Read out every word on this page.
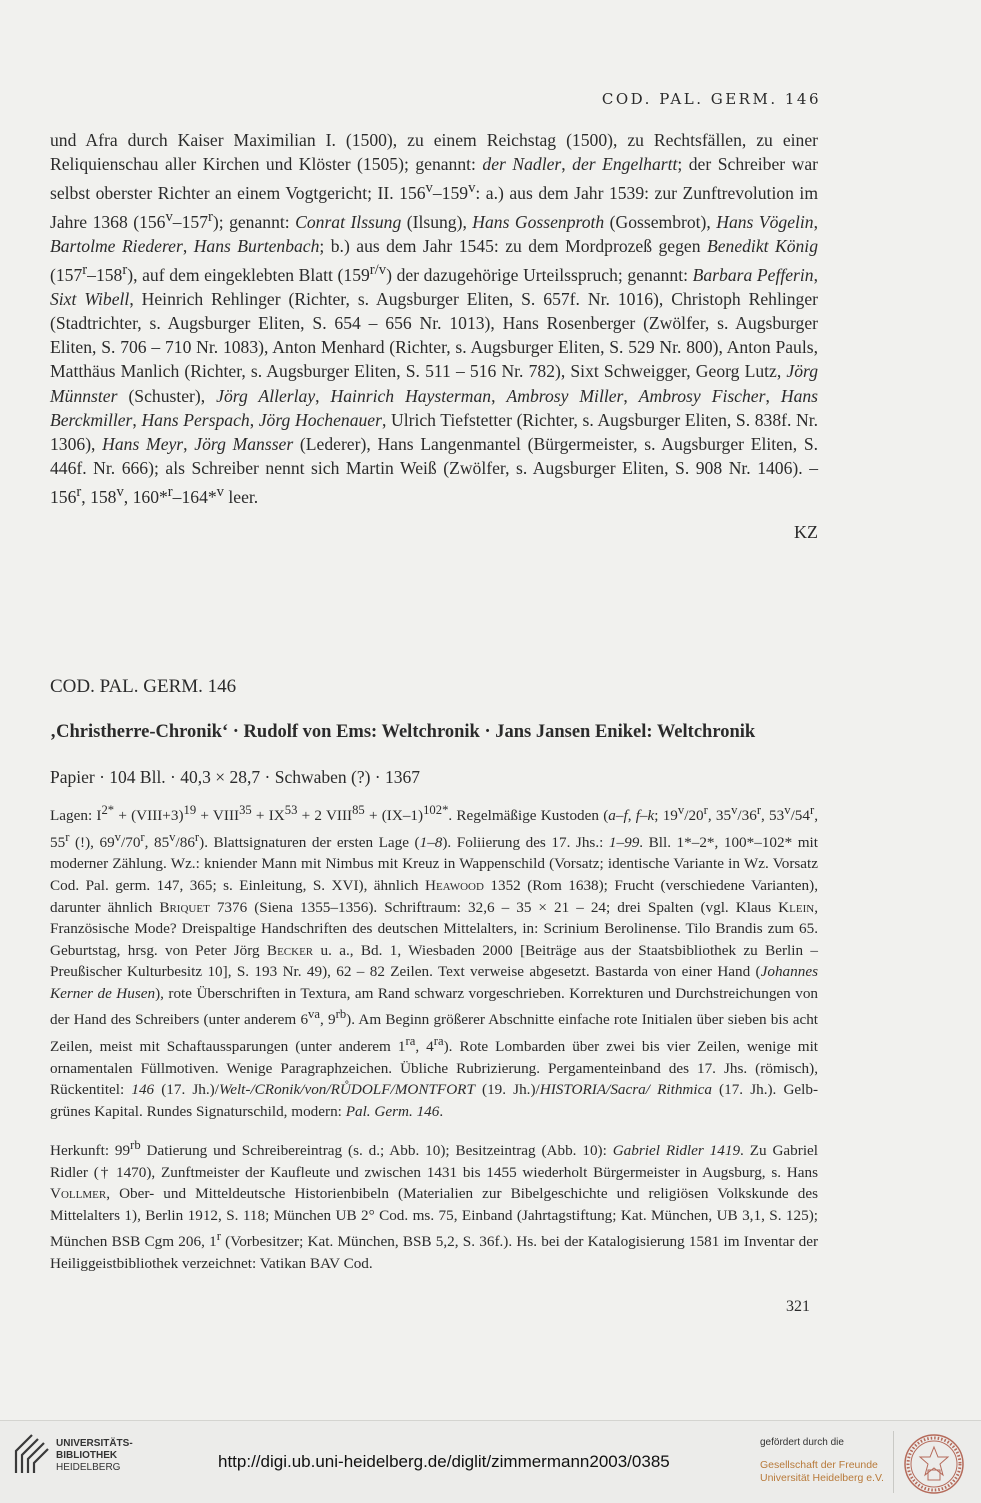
COD. PAL. GERM. 146

und Afra durch Kaiser Maximilian I. (1500), zu einem Reichstag (1500), zu Rechtsfällen, zu einer Reliquienschau aller Kirchen und Klöster (1505); genannt: der Nadler, der Engelhartt; der Schreiber war selbst oberster Richter an einem Vogtgericht; II. 156$^v$–159$^v$: a.) aus dem Jahr 1539: zur Zunftrevolution im Jahre 1368 (156$^v$–157$^r$); genannt: Conrat Ilssung (Ilsung), Hans Gossenproth (Gossembrot), Hans Vögelin, Bartolme Riederer, Hans Burtenbach; b.) aus dem Jahr 1545: zu dem Mordprozeß gegen Benedikt König (157$^r$–158$^r$), auf dem eingeklebten Blatt $(159^{r/v})$ der dazugehörige Urteilsspruch; genannt: Barbara Pefferin, Sixt Wibell, Heinrich Rehlinger (Richter, s. Augsburger Eliten, S. 657f. Nr. 1016), Christoph Rehlinger (Stadtrichter, s. Augsburger Eliten, S. 654 – 656 Nr. 1013), Hans Rosenberger (Zwölfer, s. Augsburger Eliten, S. 706 – 710 Nr. 1083), Anton Menhard (Richter, s. Augsburger Eliten, S. 529 Nr. 800), Anton Pauls, Matthäus Manlich (Richter, s. Augsburger Eliten, S. 511 – 516 Nr. 782), Sixt Schweigger, Georg Lutz, Jörg Münnster (Schuster), Jörg Allerlay, Hainrich Haysterman, Ambrosy Miller, Ambrosy Fischer, Hans Berckmiller, Hans Perspach, Jörg Hochenauer, Ulrich Tiefstetter (Richter, s. Augsburger Eliten, S. 838f. Nr. 1306), Hans Meyr, Jörg Mansser (Lederer), Hans Langenmantel (Bürgermeister, s. Augsburger Eliten, S. 446f. Nr. 666); als Schreiber nennt sich Martin Weiß (Zwölfer, s. Augsburger Eliten, S. 908 Nr. 1406). – 156$^r$, 158$^v$, 160*$^r$–164*$^v$ leer.

KZ
COD. PAL. GERM. 146
‚Christherre-Chronik‘ · Rudolf von Ems: Weltchronik · Jans Jansen Enikel: Weltchronik
Papier · 104 Bll. · 40,3 × 28,7 · Schwaben (?) · 1367

Lagen: $I^{2*}$ + (VIII+3)$^{19}$ + $VIII^{35} + IX^{53} + 2$ $VIII^{85} + (IX-1)^{102*}$. Regelmäßige Kustoden (a–f, f–k; 19$^v$/20$^r$, 35$^v$/36$^r$, 53$^v$/54$^r$, 55$^r$ (!), 69$^v$/70$^r$, 85$^v$/86$^r$). Blattsignaturen der ersten Lage (1–8). Foliierung des 17. Jhs.: 1–99. Bll. 1*–2*, 100*–102* mit moderner Zählung. Wz.: kniender Mann mit Nimbus mit Kreuz in Wappenschild (Vorsatz; identische Variante in Wz. Vorsatz Cod. Pal. germ. 147, 365; s. Einleitung, S. XVI), ähnlich Heawood 1352 (Rom 1638); Frucht (verschiedene Varianten), darunter ähnlich Briquet 7376 (Siena 1355–1356). Schriftraum: 32,6 – 35 × 21 – 24; drei Spalten (vgl. Klaus Klein, Französische Mode? Dreispaltige Handschriften des deutschen Mittelalters, in: Scrinium Berolinense. Tilo Brandis zum 65. Geburtstag, hrsg. von Peter Jörg Becker u. a., Bd. 1, Wiesbaden 2000 [Beiträge aus der Staatsbibliothek zu Berlin – Preußischer Kulturbesitz 10], S. 193 Nr. 49), 62 – 82 Zeilen. Text verweise abgesetzt. Bastarda von einer Hand (Johannes Kerner de Husen), rote Überschriften in Textura, am Rand schwarz vorgeschrieben. Korrekturen und Durchstreichungen von der Hand des Schreibers (unter anderem $6^{va}$, $9^{rb}$). Am Beginn größerer Abschnitte einfache rote Initialen über sieben bis acht Zeilen, meist mit Schaftaussparungen (unter anderem $1^{ra}$, $4^{ra}$). Rote Lombarden über zwei bis vier Zeilen, wenige mit ornamentalen Füllmotiven. Wenige Paragraphzeichen. Übliche Rubrizierung. Pergamenteinband des 17. Jhs. (römisch), Rückentitel: 146 (17. Jh.)/Welt-/CRonik/von/RŮDOLF/MONTFORT (19. Jh.)/HISTORIA/Sacra/ Rithmica (17. Jh.). Gelb-grünes Kapital. Rundes Signaturschild, modern: Pal. Germ. 146.

Herkunft: $99^{rb}$ Datierung und Schreibereintrag (s. d.; Abb. 10); Besitzeintrag (Abb. 10): Gabriel Ridler 1419. Zu Gabriel Ridler († 1470), Zunftmeister der Kaufleute und zwischen 1431 bis 1455 wiederholt Bürgermeister in Augsburg, s. Hans Vollmer, Ober- und Mitteldeutsche Historienbibeln (Materialien zur Bibelgeschichte und religiösen Volkskunde des Mittelalters 1), Berlin 1912, S. 118; München UB 2° Cod. ms. 75, Einband (Jahrtagstiftung; Kat. München, UB 3,1, S. 125); München BSB Cgm 206, 1$^r$ (Vorbesitzer; Kat. München, BSB 5,2, S. 36f.). Hs. bei der Katalogisierung 1581 im Inventar der Heiliggeistbibliothek verzeichnet: Vatikan BAV Cod.

321
UNIVERSITÄTS-
BIBLIOTHEK
HEIDELBERG	http://digi.ub.uni-heidelberg.de/diglit/zimmermann2003/0385
gefördert durch die
Gesellschaft der Freunde
Universität Heidelberg e.V.
